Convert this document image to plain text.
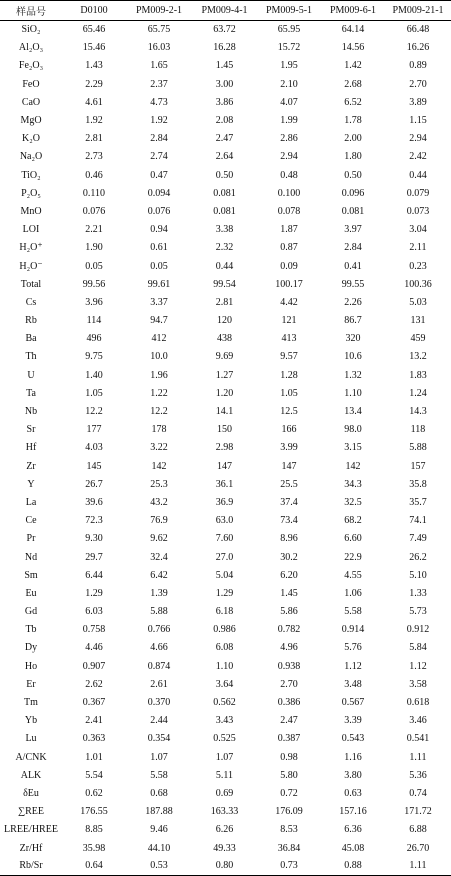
样品号	D0100	PM009-2-1	PM009-4-1	PM009-5-1	PM009-6-1	PM009-21-1
SiO₂	65.46	65.75	63.72	65.95	64.14	66.48
Al₂O₃	15.46	16.03	16.28	15.72	14.56	16.26
Fe₂O₃	1.43	1.65	1.45	1.95	1.42	0.89
FeO	2.29	2.37	3.00	2.10	2.68	2.70
CaO	4.61	4.73	3.86	4.07	6.52	3.89
MgO	1.92	1.92	2.08	1.99	1.78	1.15
K₂O	2.81	2.84	2.47	2.86	2.00	2.94
Na₂O	2.73	2.74	2.64	2.94	1.80	2.42
TiO₂	0.46	0.47	0.50	0.48	0.50	0.44
P₂O₅	0.110	0.094	0.081	0.100	0.096	0.079
MnO	0.076	0.076	0.081	0.078	0.081	0.073
LOI	2.21	0.94	3.38	1.87	3.97	3.04
H₂O⁺	1.90	0.61	2.32	0.87	2.84	2.11
H₂O⁻	0.05	0.05	0.44	0.09	0.41	0.23
Total	99.56	99.61	99.54	100.17	99.55	100.36
Cs	3.96	3.37	2.81	4.42	2.26	5.03
Rb	114	94.7	120	121	86.7	131
Ba	496	412	438	413	320	459
Th	9.75	10.0	9.69	9.57	10.6	13.2
U	1.40	1.96	1.27	1.28	1.32	1.83
Ta	1.05	1.22	1.20	1.05	1.10	1.24
Nb	12.2	12.2	14.1	12.5	13.4	14.3
Sr	177	178	150	166	98.0	118
Hf	4.03	3.22	2.98	3.99	3.15	5.88
Zr	145	142	147	147	142	157
Y	26.7	25.3	36.1	25.5	34.3	35.8
La	39.6	43.2	36.9	37.4	32.5	35.7
Ce	72.3	76.9	63.0	73.4	68.2	74.1
Pr	9.30	9.62	7.60	8.96	6.60	7.49
Nd	29.7	32.4	27.0	30.2	22.9	26.2
Sm	6.44	6.42	5.04	6.20	4.55	5.10
Eu	1.29	1.39	1.29	1.45	1.06	1.33
Gd	6.03	5.88	6.18	5.86	5.58	5.73
Tb	0.758	0.766	0.986	0.782	0.914	0.912
Dy	4.46	4.66	6.08	4.96	5.76	5.84
Ho	0.907	0.874	1.10	0.938	1.12	1.12
Er	2.62	2.61	3.64	2.70	3.48	3.58
Tm	0.367	0.370	0.562	0.386	0.567	0.618
Yb	2.41	2.44	3.43	2.47	3.39	3.46
Lu	0.363	0.354	0.525	0.387	0.543	0.541
A/CNK	1.01	1.07	1.07	0.98	1.16	1.11
ALK	5.54	5.58	5.11	5.80	3.80	5.36
δEu	0.62	0.68	0.69	0.72	0.63	0.74
∑REE	176.55	187.88	163.33	176.09	157.16	171.72
LREE/HREE	8.85	9.46	6.26	8.53	6.36	6.88
Zr/Hf	35.98	44.10	49.33	36.84	45.08	26.70
Rb/Sr	0.64	0.53	0.80	0.73	0.88	1.11
